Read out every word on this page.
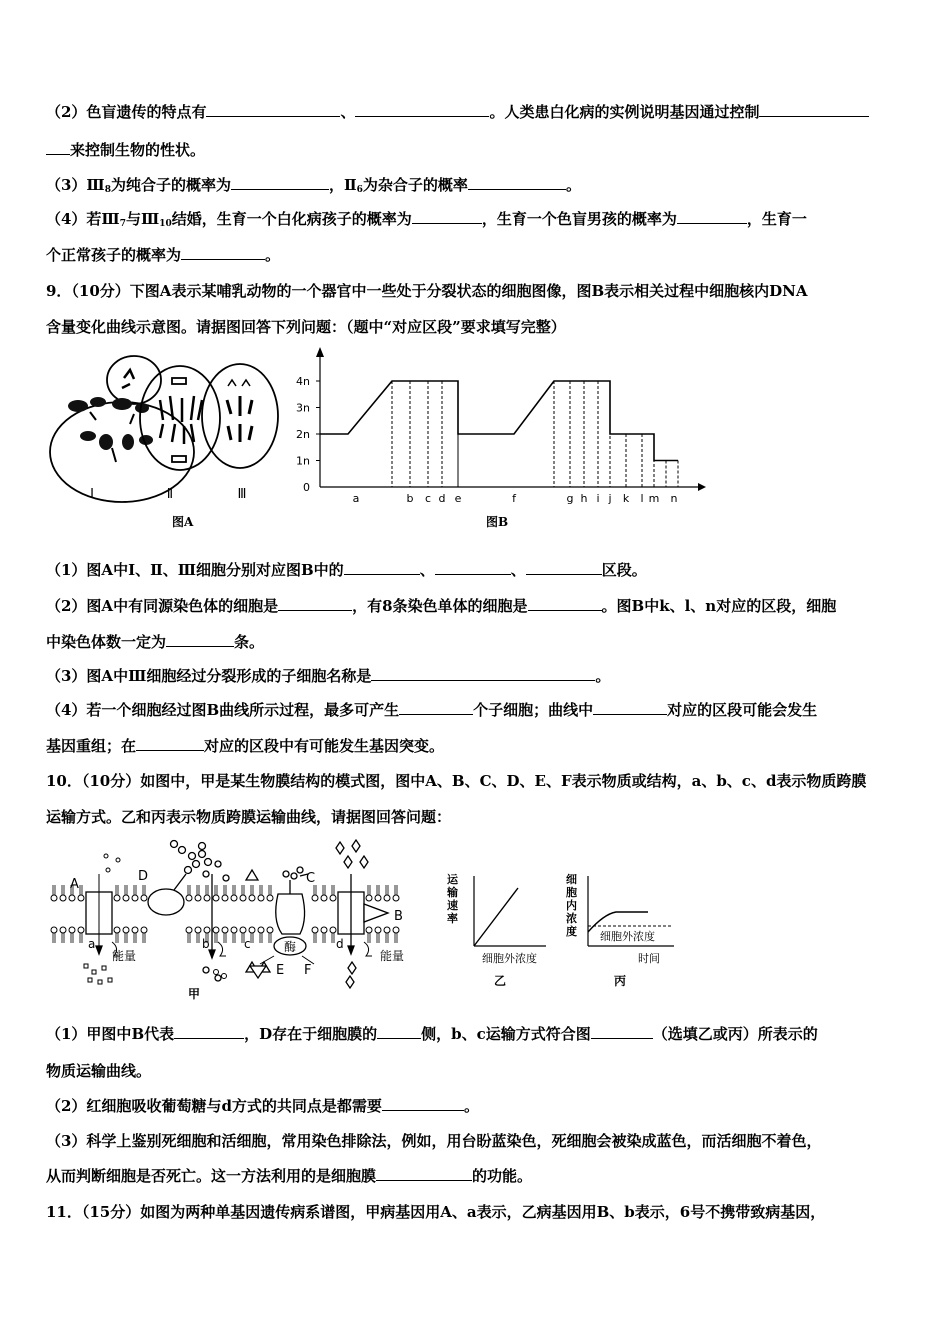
（2）色盲遗传的特点有	、	。人类患白化病的实例说明基因通过控制
来控制生物的性状。
$(3)Ⅲ_8$为纯合子的概率为	，$Ⅱ_6$为杂合子的概率	。
（4）若$Ⅲ_7$与$Ⅲ_{10}$结婚，生育一个白化病孩子的概率为	，生育一个色盲男孩的概率为	，生育一
个正常孩子的概率为	。
9．（10分）下图A表示某哺乳动物的一个器官中一些处于分裂状态的细胞图像，图B表示相关过程中细胞核内DNA
含量变化曲线示意图。请据图回答下列问题：（题中“对应区段”要求填写完整）
Ⅰ	Ⅱ	Ⅲ
图A
4n
3n
2n
1n
0
a	b c d e	f	g h i j k l m n
图B
（1）图A中Ⅰ、Ⅱ、Ⅲ细胞分别对应图B中的	、	、	区段。
（2）图A中有同源染色体的细胞是	，有8条染色单体的细胞是	。图B中k、l、n对应的区段，细胞
中染色体数一定为	条。
（3）图A中Ⅲ细胞经过分裂形成的子细胞名称是	。
（4）若一个细胞经过图B曲线所示过程，最多可产生	个子细胞；曲线中	对应的区段可能会发生
基因重组；在	对应的区段中有可能发生基因突变。
10．（10分）如图中，甲是某生物膜结构的模式图，图中A、B、C、D、E、F表示物质或结构，a、b、c、d表示物质跨膜
运输方式。乙和丙表示物质跨膜运输曲线，请据图回答问题：
酶
能量	能量
A
D	C
B
E F
a	b	c	d
甲
细胞外浓度
运
输
速
率
乙
细胞外浓度
时间
细
胞
内
浓
度
丙
（1）甲图中B代表	，D存在于细胞膜的	侧，b、c运输方式符合图	（选填乙或丙）所表示的
物质运输曲线。
（2）红细胞吸收葡萄糖与d方式的共同点是都需要	。
（3）科学上鉴别死细胞和活细胞，常用染色排除法，例如，用台盼蓝染色，死细胞会被染成蓝色，而活细胞不着色，
从而判断细胞是否死亡。这一方法利用的是细胞膜	的功能。
11．（15分）如图为两种单基因遗传病系谱图，甲病基因用A、a表示，乙病基因用B、b表示，6号不携带致病基因，
